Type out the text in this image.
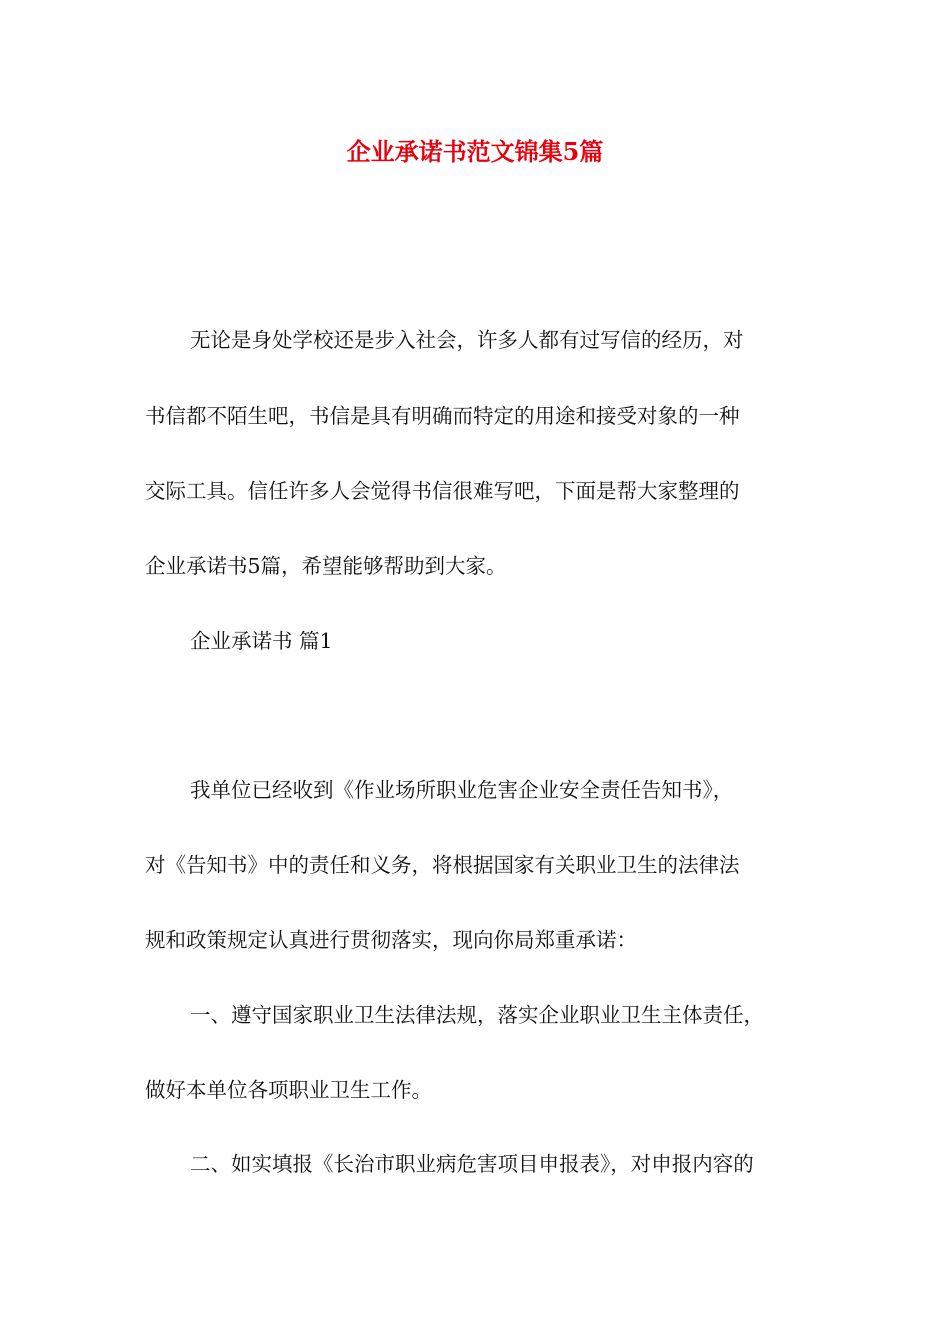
企业承诺书范文锦集5篇

无论是身处学校还是步入社会，许多人都有过写信的经历，对

书信都不陌生吧，书信是具有明确而特定的用途和接受对象的一种

交际工具。信任许多人会觉得书信很难写吧，下面是帮大家整理的

企业承诺书5篇，希望能够帮助到大家。

企业承诺书 篇1

我单位已经收到《作业场所职业危害企业安全责任告知书》，

对《告知书》中的责任和义务，将根据国家有关职业卫生的法律法

规和政策规定认真进行贯彻落实，现向你局郑重承诺：

一、遵守国家职业卫生法律法规，落实企业职业卫生主体责任，

做好本单位各项职业卫生工作。

二、如实填报《长治市职业病危害项目申报表》，对申报内容的
